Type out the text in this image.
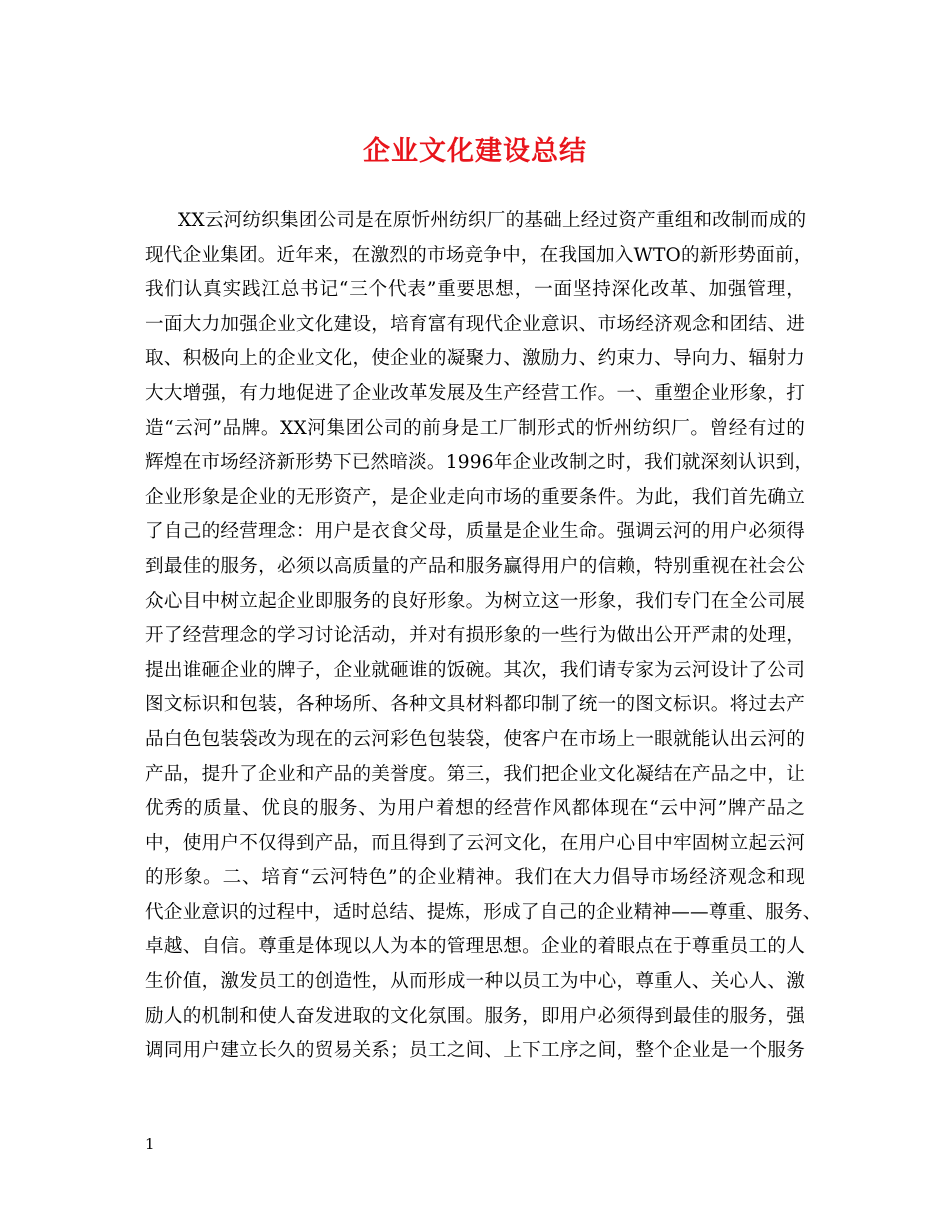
企业文化建设总结
XX云河纺织集团公司是在原忻州纺织厂的基础上经过资产重组和改制而成的
现代企业集团。近年来，在激烈的市场竞争中，在我国加入WTO的新形势面前，
我们认真实践江总书记“三个代表”重要思想，一面坚持深化改革、加强管理，
一面大力加强企业文化建设，培育富有现代企业意识、市场经济观念和团结、进
取、积极向上的企业文化，使企业的凝聚力、激励力、约束力、导向力、辐射力
大大增强，有力地促进了企业改革发展及生产经营工作。一、重塑企业形象，打
造“云河”品牌。XX河集团公司的前身是工厂制形式的忻州纺织厂。曾经有过的
辉煌在市场经济新形势下已然暗淡。1996年企业改制之时，我们就深刻认识到，
企业形象是企业的无形资产，是企业走向市场的重要条件。为此，我们首先确立
了自己的经营理念：用户是衣食父母，质量是企业生命。强调云河的用户必须得
到最佳的服务，必须以高质量的产品和服务赢得用户的信赖，特别重视在社会公
众心目中树立起企业即服务的良好形象。为树立这一形象，我们专门在全公司展
开了经营理念的学习讨论活动，并对有损形象的一些行为做出公开严肃的处理，
提出谁砸企业的牌子，企业就砸谁的饭碗。其次，我们请专家为云河设计了公司
图文标识和包装，各种场所、各种文具材料都印制了统一的图文标识。将过去产
品白色包装袋改为现在的云河彩色包装袋，使客户在市场上一眼就能认出云河的
产品，提升了企业和产品的美誉度。第三，我们把企业文化凝结在产品之中，让
优秀的质量、优良的服务、为用户着想的经营作风都体现在“云中河”牌产品之
中，使用户不仅得到产品，而且得到了云河文化，在用户心目中牢固树立起云河
的形象。二、培育“云河特色”的企业精神。我们在大力倡导市场经济观念和现
代企业意识的过程中，适时总结、提炼，形成了自己的企业精神——尊重、服务、
卓越、自信。尊重是体现以人为本的管理思想。企业的着眼点在于尊重员工的人
生价值，激发员工的创造性，从而形成一种以员工为中心，尊重人、关心人、激
励人的机制和使人奋发进取的文化氛围。服务，即用户必须得到最佳的服务，强
调同用户建立长久的贸易关系；员工之间、上下工序之间，整个企业是一个服务
1
